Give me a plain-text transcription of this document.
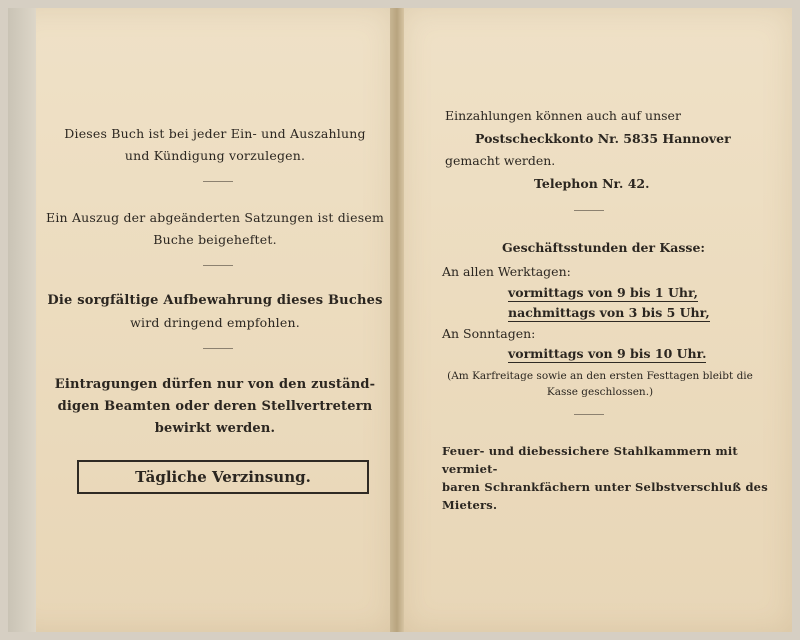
Dieses Buch ist bei jeder Ein- und Auszahlung
und Kündigung vorzulegen.
Ein Auszug der abgeänderten Satzungen ist diesem
Buche beigeheftet.
Die sorgfältige Aufbewahrung dieses Buches
wird dringend empfohlen.
Eintragungen dürfen nur von den zuständ-
digen Beamten oder deren Stellvertretern
bewirkt werden.
Tägliche Verzinsung.
Einzahlungen können auch auf unser
Postscheckkonto Nr. 5835 Hannover
gemacht werden.
Telephon Nr. 42.
Geschäftsstunden der Kasse:
An allen Werktagen:
vormittags von 9 bis 1 Uhr,
nachmittags von 3 bis 5 Uhr,
An Sonntagen:
vormittags von 9 bis 10 Uhr.
(Am Karfreitage sowie an den ersten Festtagen bleibt die
Kasse geschlossen.)
Feuer- und diebessichere Stahlkammern mit vermiet-
baren Schrankfächern unter Selbstverschluß des Mieters.
